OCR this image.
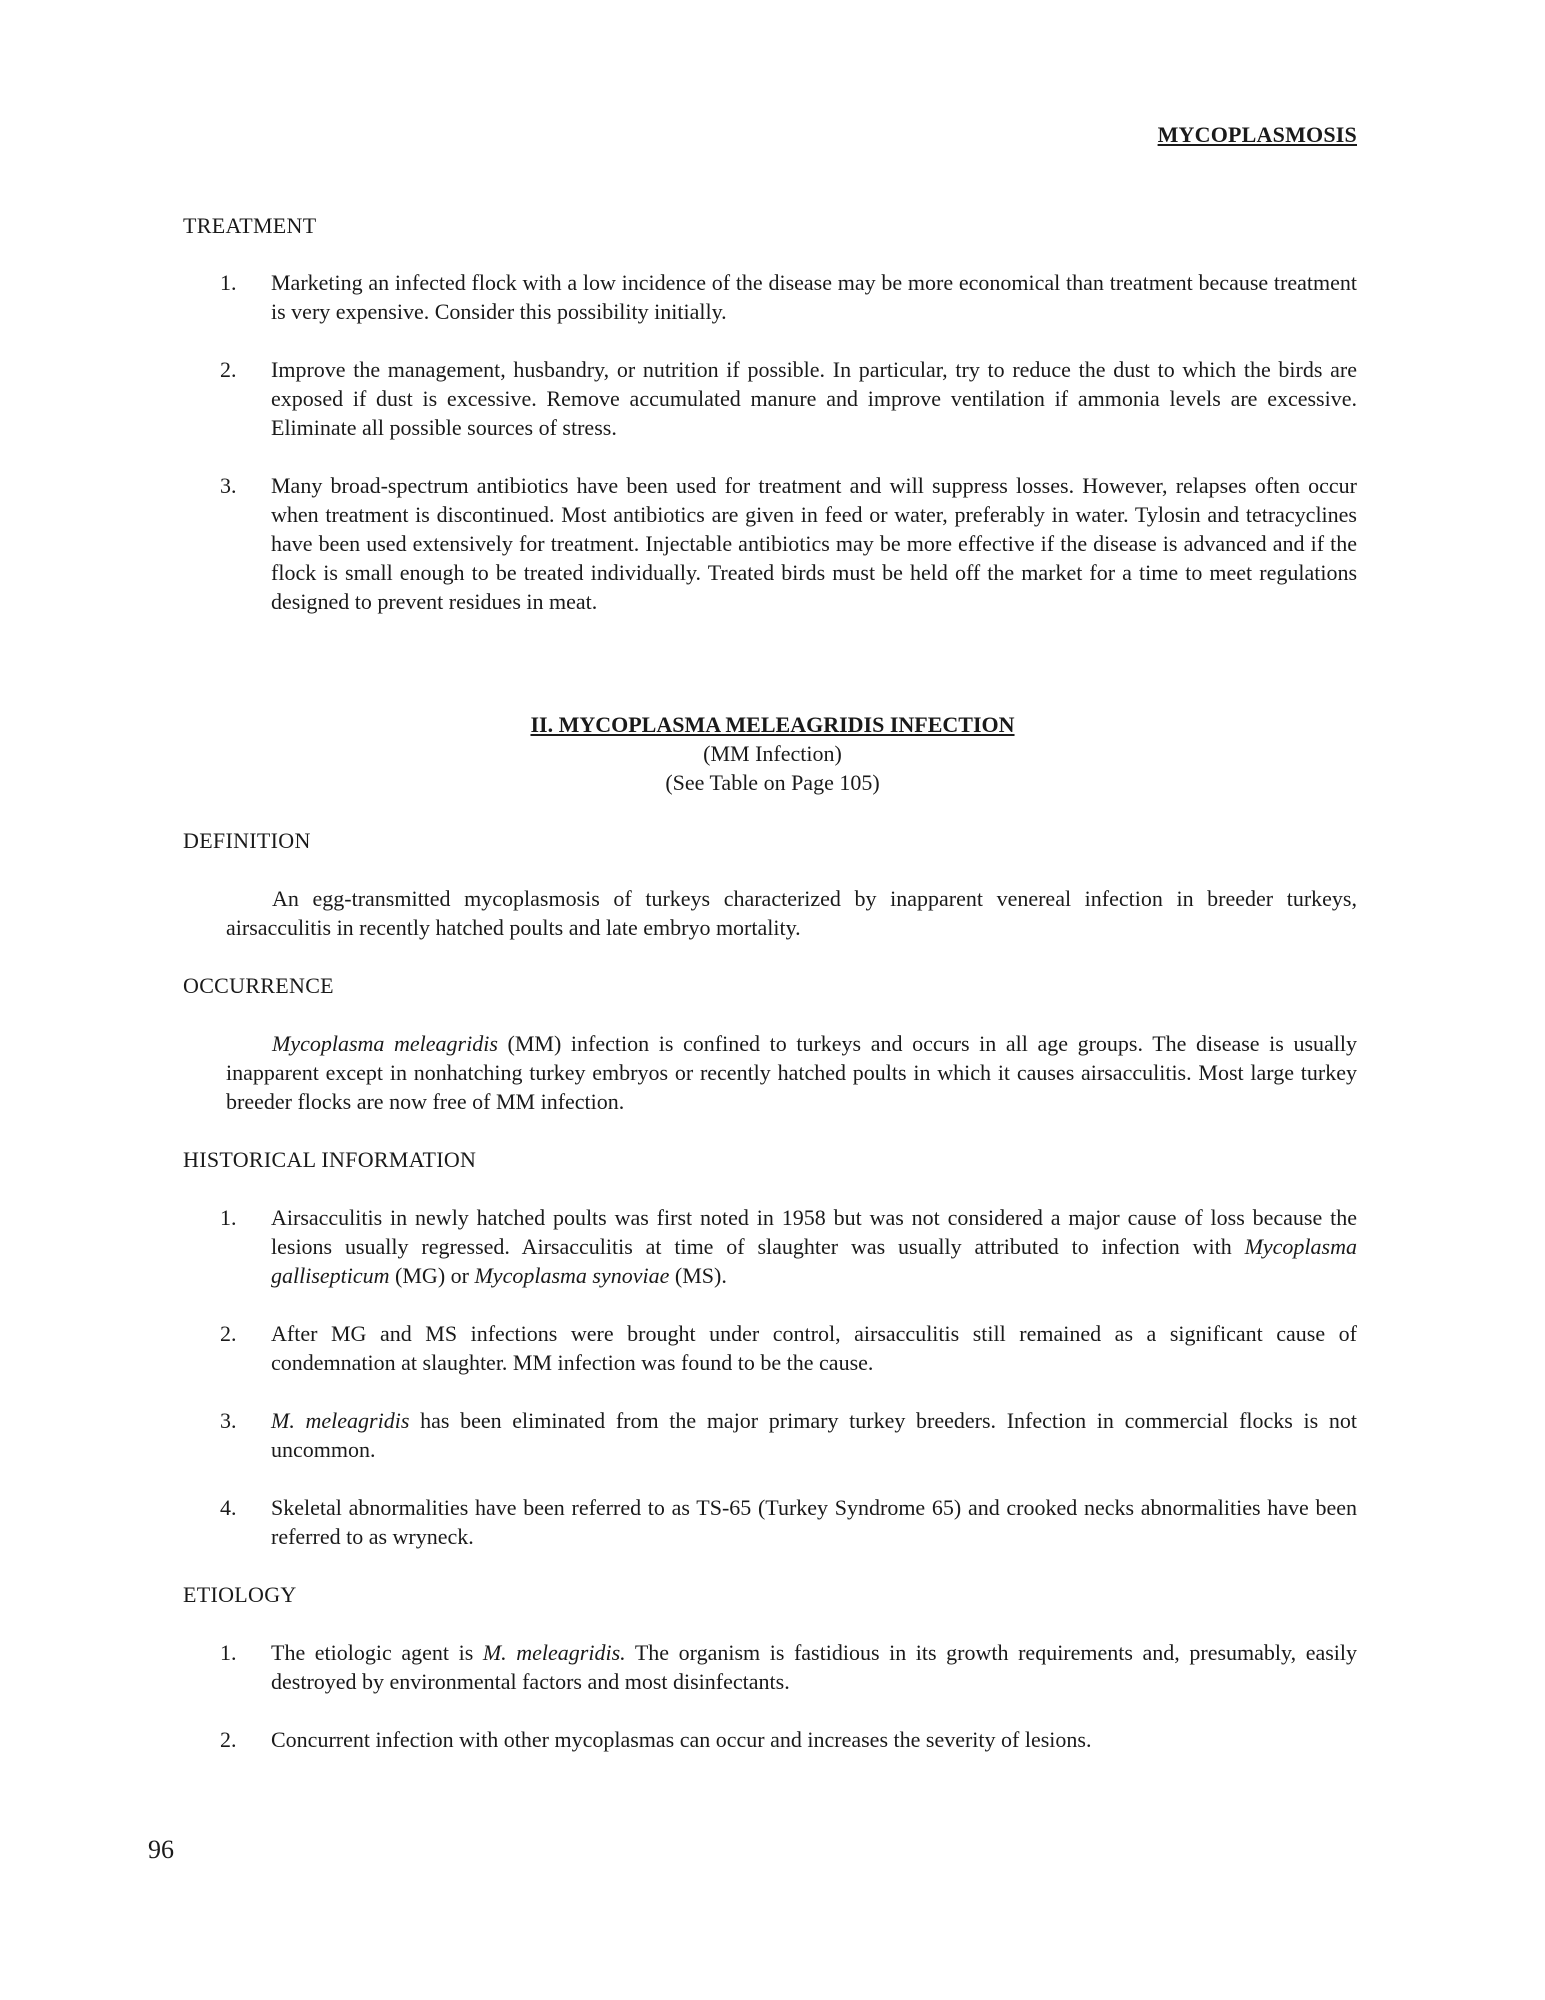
MYCOPLASMOSIS
TREATMENT
1.	Marketing an infected flock with a low incidence of the disease may be more economical than treatment because treatment is very expensive. Consider this possibility initially.
2.	Improve the management, husbandry, or nutrition if possible. In particular, try to reduce the dust to which the birds are exposed if dust is excessive. Remove accumulated manure and improve ventilation if ammonia levels are excessive. Eliminate all possible sources of stress.
3.	Many broad-spectrum antibiotics have been used for treatment and will suppress losses. However, relapses often occur when treatment is discontinued. Most antibiotics are given in feed or water, preferably in water. Tylosin and tetracyclines have been used extensively for treatment. Injectable antibiotics may be more effective if the disease is advanced and if the flock is small enough to be treated individually. Treated birds must be held off the market for a time to meet regulations designed to prevent residues in meat.
II. MYCOPLASMA MELEAGRIDIS INFECTION
(MM Infection)
(See Table on Page 105)
DEFINITION
An egg-transmitted mycoplasmosis of turkeys characterized by inapparent venereal infection in breeder turkeys, airsacculitis in recently hatched poults and late embryo mortality.
OCCURRENCE
Mycoplasma meleagridis (MM) infection is confined to turkeys and occurs in all age groups. The disease is usually inapparent except in nonhatching turkey embryos or recently hatched poults in which it causes airsacculitis. Most large turkey breeder flocks are now free of MM infection.
HISTORICAL INFORMATION
1.	Airsacculitis in newly hatched poults was first noted in 1958 but was not considered a major cause of loss because the lesions usually regressed. Airsacculitis at time of slaughter was usually attributed to infection with Mycoplasma gallisepticum (MG) or Mycoplasma synoviae (MS).
2.	After MG and MS infections were brought under control, airsacculitis still remained as a significant cause of condemnation at slaughter. MM infection was found to be the cause.
3.	M. meleagridis has been eliminated from the major primary turkey breeders. Infection in commercial flocks is not uncommon.
4.	Skeletal abnormalities have been referred to as TS-65 (Turkey Syndrome 65) and crooked necks abnormalities have been referred to as wryneck.
ETIOLOGY
1.	The etiologic agent is M. meleagridis. The organism is fastidious in its growth requirements and, presumably, easily destroyed by environmental factors and most disinfectants.
2.	Concurrent infection with other mycoplasmas can occur and increases the severity of lesions.
96
